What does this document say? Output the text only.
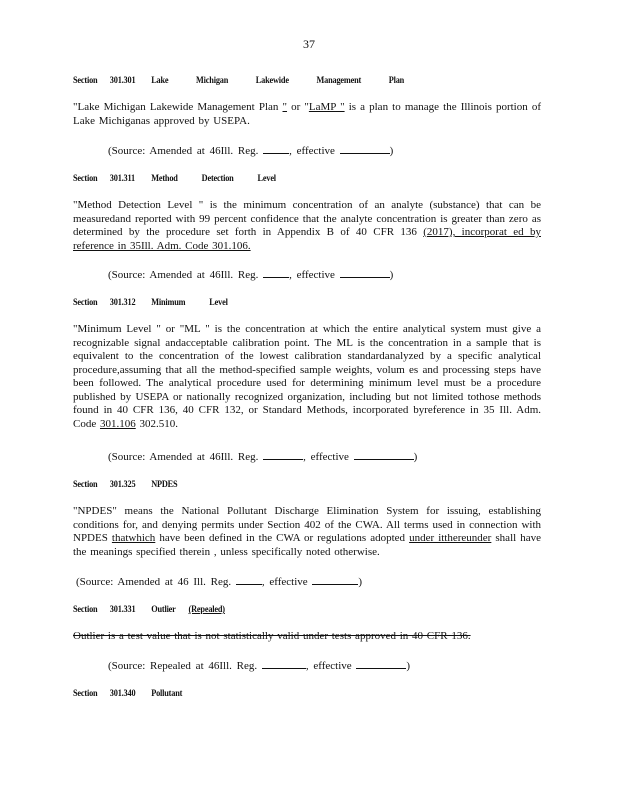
37
Section 301.301 Lake Michigan Lakewide Management Plan
"Lake Michigan Lakewide Management Plan " or "LaMP " is a plan to manage the Illinois portion of Lake Michiganas approved by USEPA.
(Source: Amended at 46Ill. Reg.	, effective	)
Section 301.311 Method Detection Level
"Method Detection Level " is the minimum concentration of an analyte (substance) that can be measuredand reported with 99 percent confidence that the analyte concentration is greater than zero as determined by the procedure set forth in Appendix B of 40 CFR 136 (2017), incorporat ed by reference in 35Ill. Adm. Code 301.106.
(Source: Amended at 46Ill. Reg.	, effective	)
Section 301.312 Minimum Level
"Minimum Level " or "ML " is the concentration at which the entire analytical system must give a recognizable signal andacceptable calibration point. The ML is the concentration in a sample that is equivalent to the concentration of the lowest calibration standardanalyzed by a specific analytical procedure,assuming that all the method-specified sample weights, volum es and processing steps have been followed. The analytical procedure used for determining minimum level must be a procedure published by USEPA or nationally recognized organization, including but not limited tothose methods found in 40 CFR 136, 40 CFR 132, or Standard Methods, incorporated byreference in 35 Ill. Adm. Code 301.106 302.510.
(Source: Amended at 46Ill. Reg.	, effective	)
Section 301.325 NPDES
"NPDES" means the National Pollutant Discharge Elimination System for issuing, establishing conditions for, and denying permits under Section 402 of the CWA. All terms used in connection with NPDES thatwhich have been defined in the CWA or regulations adopted under itthereunder shall have the meanings specified therein , unless specifically noted otherwise.
(Source: Amended at 46 Ill. Reg.	, effective	)
Section 301.331 Outlier (Repealed)
Outlier is a test value that is not statistically valid under tests approved in 40 CFR 136.
(Source: Repealed at 46Ill. Reg.	, effective	)
Section 301.340 Pollutant
